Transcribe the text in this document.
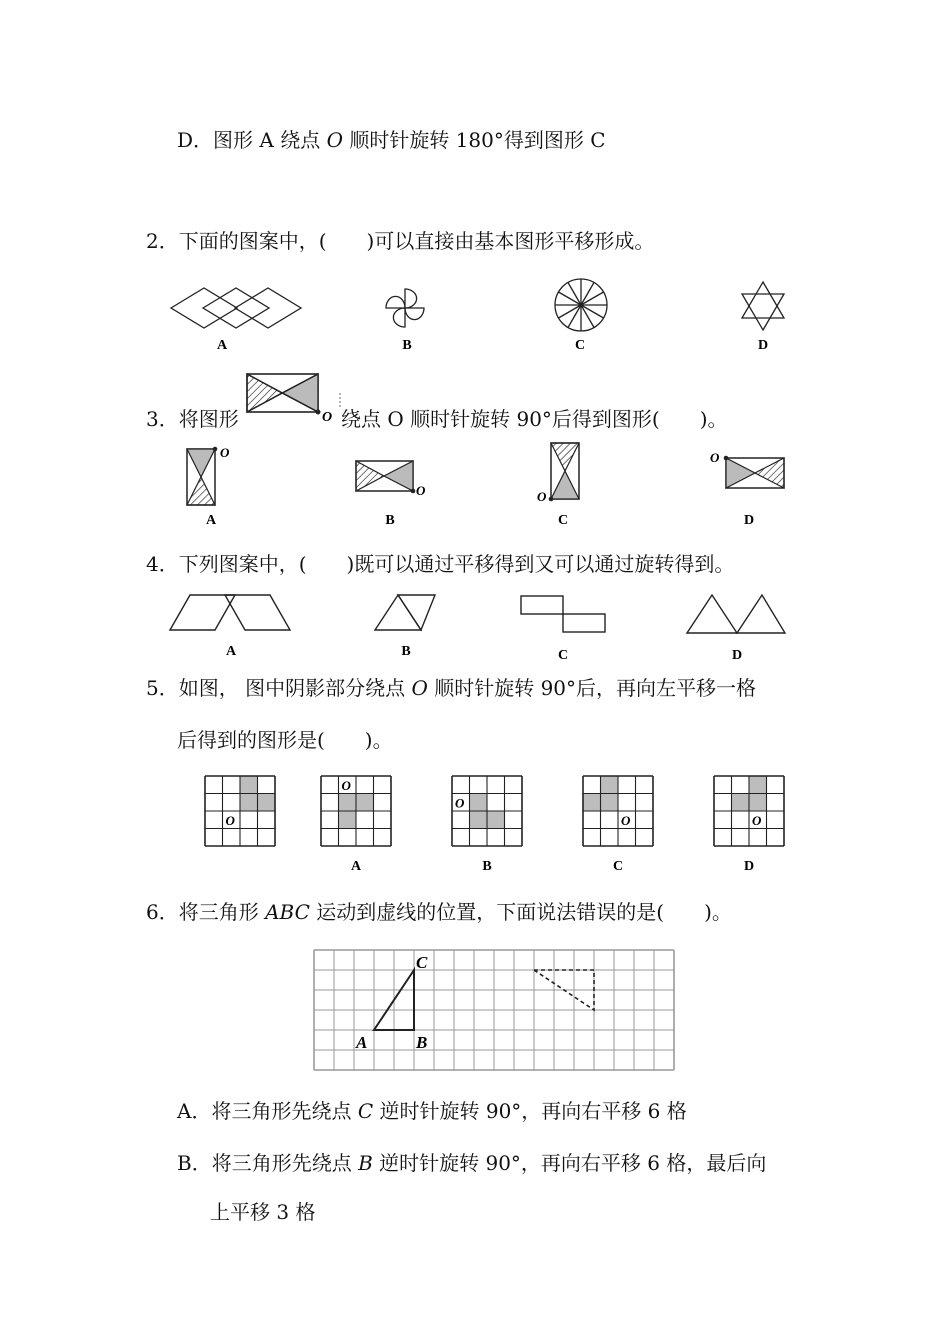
D．图形 A 绕点 O 顺时针旋转 180°得到图形 C
2．下面的图案中，(　　)可以直接由基本图形平移形成。
A	B	C	D
3．将图形	绕点 O 顺时针旋转 90°后得到图形(　　)。
O
O
O	O
O
A	B	C	D
4．下列图案中，(　　)既可以通过平移得到又可以通过旋转得到。
A	B	C	D
5．如图， 图中阴影部分绕点 O 顺时针旋转 90°后，再向左平移一格
后得到的图形是(　　)。
O
O
A
O
B
O
C
O
D
6．将三角形 ABC 运动到虚线的位置，下面说法错误的是(　　)。
A	B
C
A．将三角形先绕点 C 逆时针旋转 90°，再向右平移 6 格
B．将三角形先绕点 B 逆时针旋转 90°，再向右平移 6 格，最后向
上平移 3 格
